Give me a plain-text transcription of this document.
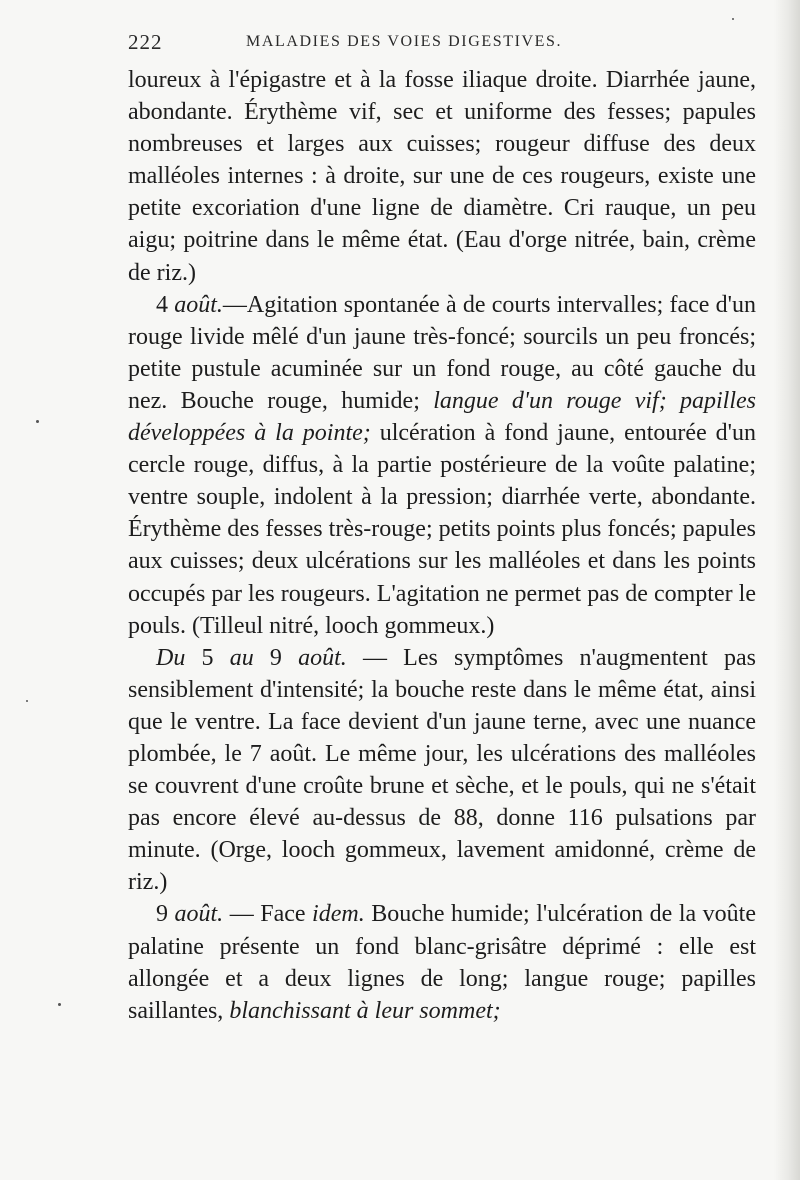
222	MALADIES DES VOIES DIGESTIVES.

loureux à l'épigastre et à la fosse iliaque droite. Diarrhée jaune, abondante. Érythème vif, sec et uniforme des fesses; papules nombreuses et larges aux cuisses; rougeur diffuse des deux malléoles internes : à droite, sur une de ces rougeurs, existe une petite excoriation d'une ligne de diamètre. Cri rauque, un peu aigu; poitrine dans le même état. (Eau d'orge nitrée, bain, crème de riz.)

4 août.—Agitation spontanée à de courts intervalles; face d'un rouge livide mêlé d'un jaune très-foncé; sourcils un peu froncés; petite pustule acuminée sur un fond rouge, au côté gauche du nez. Bouche rouge, humide; langue d'un rouge vif; papilles développées à la pointe; ulcération à fond jaune, entourée d'un cercle rouge, diffus, à la partie postérieure de la voûte palatine; ventre souple, indolent à la pression; diarrhée verte, abondante. Érythème des fesses très-rouge; petits points plus foncés; papules aux cuisses; deux ulcérations sur les malléoles et dans les points occupés par les rougeurs. L'agitation ne permet pas de compter le pouls. (Tilleul nitré, looch gommeux.)

Du 5 au 9 août. — Les symptômes n'augmentent pas sensiblement d'intensité; la bouche reste dans le même état, ainsi que le ventre. La face devient d'un jaune terne, avec une nuance plombée, le 7 août. Le même jour, les ulcérations des malléoles se couvrent d'une croûte brune et sèche, et le pouls, qui ne s'était pas encore élevé au-dessus de 88, donne 116 pulsations par minute. (Orge, looch gommeux, lavement amidonné, crème de riz.)

9 août. — Face idem. Bouche humide; l'ulcération de la voûte palatine présente un fond blanc-grisâtre déprimé : elle est allongée et a deux lignes de long; langue rouge; papilles saillantes, blanchissant à leur sommet;
